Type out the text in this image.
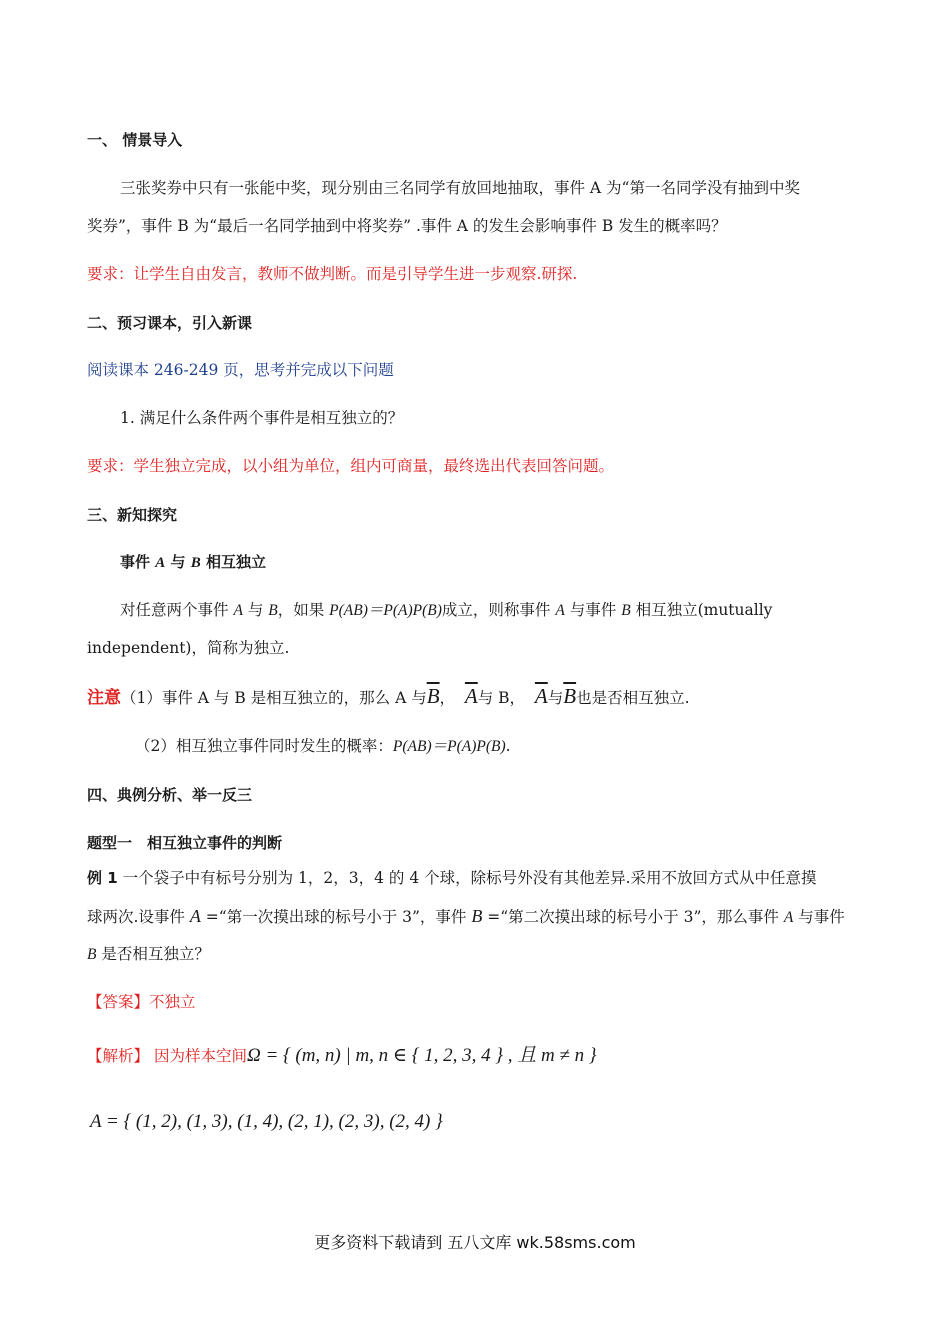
一、 情景导入
三张奖券中只有一张能中奖，现分别由三名同学有放回地抽取，事件 A 为“第一名同学没有抽到中奖
奖券”，事件 B 为“最后一名同学抽到中将奖券” .事件 A 的发生会影响事件 B 发生的概率吗？
要求：让学生自由发言，教师不做判断。而是引导学生进一步观察.研探.
二、预习课本，引入新课
阅读课本 246-249 页，思考并完成以下问题
1. 满足什么条件两个事件是相互独立的？
要求：学生独立完成，以小组为单位，组内可商量，最终选出代表回答问题。
三、新知探究
事件 A 与 B 相互独立
对任意两个事件 A 与 B，如果 P(AB)＝P(A)P(B)成立，则称事件 A 与事件 B 相互独立(mutually
independent)，简称为独立.
注意（1）事件 A 与 B 是相互独立的，那么 A 与$\overline{B}$， $\overline{A}$与 B， $\overline{A}$与$\overline{B}$也是否相互独立.
（2）相互独立事件同时发生的概率：P(AB)＝P(A)P(B).
四、典例分析、举一反三
题型一　相互独立事件的判断
例 1 一个袋子中有标号分别为 1，2，3，4 的 4 个球，除标号外没有其他差异.采用不放回方式从中任意摸
球两次.设事件 A =“第一次摸出球的标号小于 3”，事件 B =“第二次摸出球的标号小于 3”，那么事件 A 与事件
B 是否相互独立？
【答案】不独立
【解析】 因为样本空间Ω = { (m, n) | m, n ∈ { 1, 2, 3, 4 } , 且 m ≠ n }
A = { (1, 2), (1, 3), (1, 4), (2, 1), (2, 3), (2, 4) }
更多资料下载请到 五八文库 wk.58sms.com
